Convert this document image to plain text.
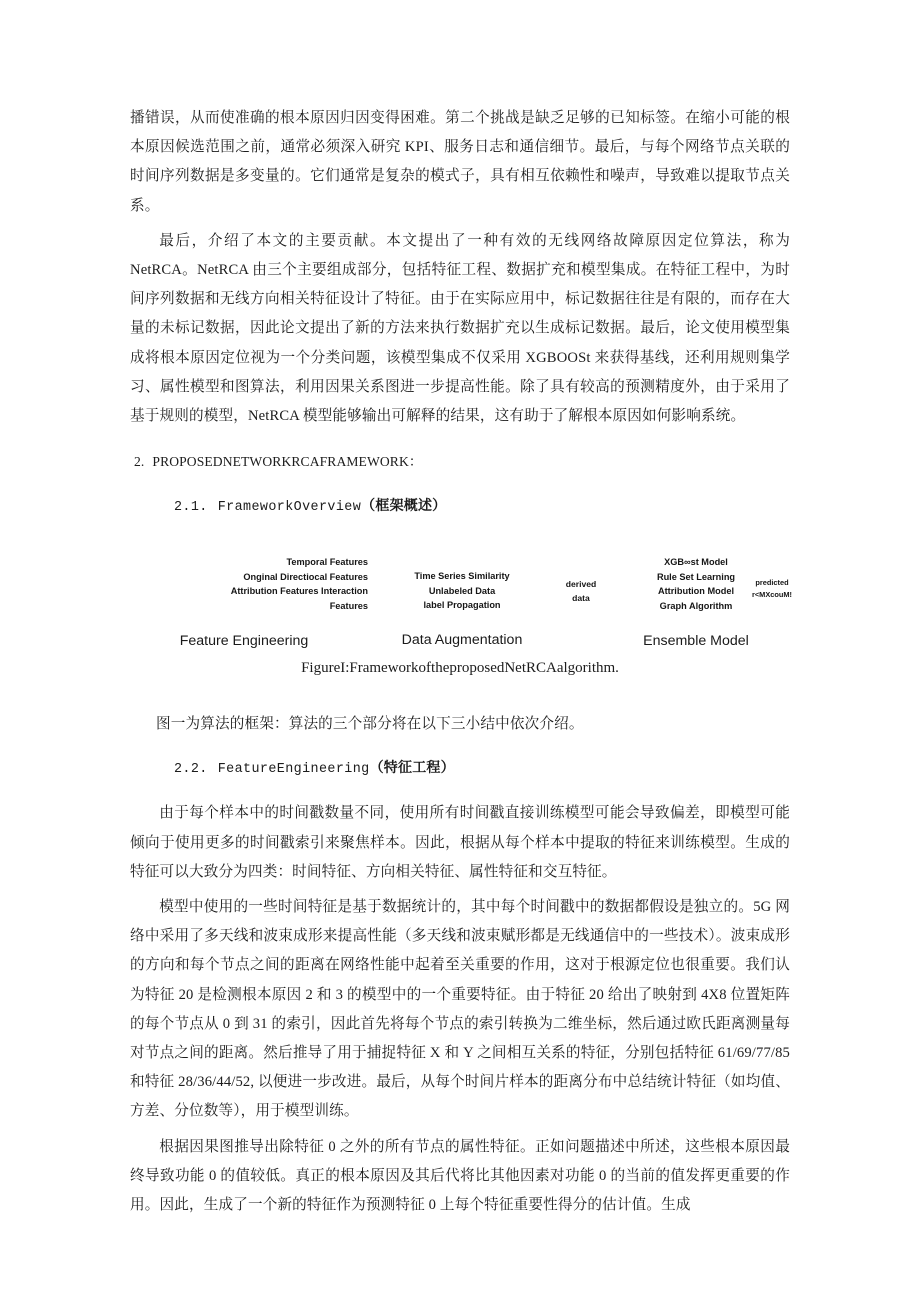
播错误，从而使准确的根本原因归因变得困难。第二个挑战是缺乏足够的已知标签。在缩小可能的根本原因候选范围之前，通常必须深入研究 KPI、服务日志和通信细节。最后，与每个网络节点关联的时间序列数据是多变量的。它们通常是复杂的模式子，具有相互依赖性和噪声，导致难以提取节点关系。

最后，介绍了本文的主要贡献。本文提出了一种有效的无线网络故障原因定位算法，称为 NetRCA。NetRCA 由三个主要组成部分，包括特征工程、数据扩充和模型集成。在特征工程中，为时间序列数据和无线方向相关特征设计了特征。由于在实际应用中，标记数据往往是有限的，而存在大量的未标记数据，因此论文提出了新的方法来执行数据扩充以生成标记数据。最后，论文使用模型集成将根本原因定位视为一个分类问题，该模型集成不仅采用 XGBOOSt 来获得基线，还利用规则集学习、属性模型和图算法，利用因果关系图进一步提高性能。除了具有较高的预测精度外，由于采用了基于规则的模型，NetRCA 模型能够输出可解释的结果，这有助于了解根本原因如何影响系统。

2. PROPOSEDNETWORKRCAFRAMEWORK：
2.1. FrameworkOverview（框架概述）
Temporal Features
Onginal Directiocal Features
Attribution Features Interaction
Features
Feature Engineering
Time Series Similarity
Unlabeled Data
label Propagation
Data Augmentation
derived
data
XGB∞st Model
Rule Set Learning
Attribution Model
Graph Algorithm
Ensemble Model
predicted
r<MXcouM!
FigureI:FrameworkoftheproposedNetRCAalgorithm.

图一为算法的框架：算法的三个部分将在以下三小结中依次介绍。

2.2. FeatureEngineering（特征工程）

由于每个样本中的时间戳数量不同，使用所有时间戳直接训练模型可能会导致偏差，即模型可能倾向于使用更多的时间戳索引来聚焦样本。因此，根据从每个样本中提取的特征来训练模型。生成的特征可以大致分为四类：时间特征、方向相关特征、属性特征和交互特征。

模型中使用的一些时间特征是基于数据统计的，其中每个时间戳中的数据都假设是独立的。5G 网络中采用了多天线和波束成形来提高性能（多天线和波束赋形都是无线通信中的一些技术）。波束成形的方向和每个节点之间的距离在网络性能中起着至关重要的作用，这对于根源定位也很重要。我们认为特征 20 是检测根本原因 2 和 3 的模型中的一个重要特征。由于特征 20 给出了映射到 4X8 位置矩阵的每个节点从 0 到 31 的索引，因此首先将每个节点的索引转换为二维坐标，然后通过欧氏距离测量每对节点之间的距离。然后推导了用于捕捉特征 X 和 Y 之间相互关系的特征，分别包括特征 61/69/77/85 和特征 28/36/44/52, 以便进一步改进。最后，从每个时间片样本的距离分布中总结统计特征（如均值、方差、分位数等），用于模型训练。

根据因果图推导出除特征 0 之外的所有节点的属性特征。正如问题描述中所述，这些根本原因最终导致功能 0 的值较低。真正的根本原因及其后代将比其他因素对功能 0 的当前的值发挥更重要的作用。因此，生成了一个新的特征作为预测特征 0 上每个特征重要性得分的估计值。生成
